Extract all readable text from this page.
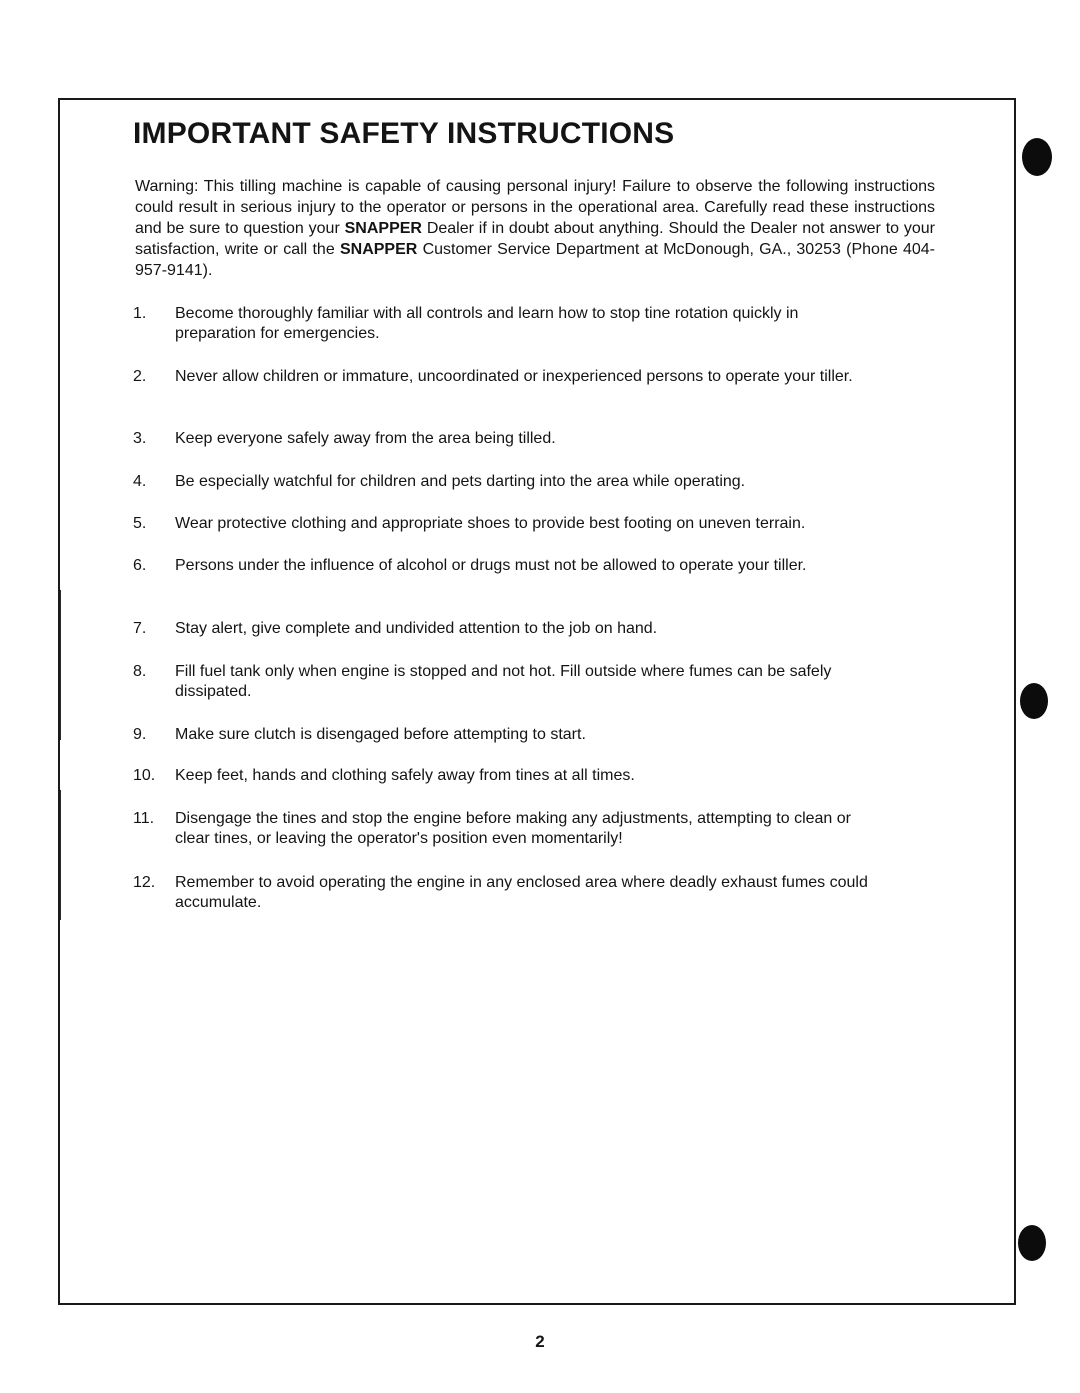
IMPORTANT SAFETY INSTRUCTIONS

Warning: This tilling machine is capable of causing personal injury! Failure to observe the following instructions could result in serious injury to the operator or persons in the operational area. Carefully read these instructions and be sure to question your SNAPPER Dealer if in doubt about anything. Should the Dealer not answer to your satisfaction, write or call the SNAPPER Customer Service Department at McDonough, GA., 30253 (Phone 404-957-9141).

1.	Become thoroughly familiar with all controls and learn how to stop tine rotation quickly in preparation for emergencies.
2.	Never allow children or immature, uncoordinated or inexperienced persons to operate your tiller.
3.	Keep everyone safely away from the area being tilled.
4.	Be especially watchful for children and pets darting into the area while operating.
5.	Wear protective clothing and appropriate shoes to provide best footing on uneven terrain.
6.	Persons under the influence of alcohol or drugs must not be allowed to operate your tiller.
7.	Stay alert, give complete and undivided attention to the job on hand.
8.	Fill fuel tank only when engine is stopped and not hot. Fill outside where fumes can be safely dissipated.
9.	Make sure clutch is disengaged before attempting to start.
10.	Keep feet, hands and clothing safely away from tines at all times.
11.	Disengage the tines and stop the engine before making any adjustments, attempting to clean or clear tines, or leaving the operator's position even momentarily!
12.	Remember to avoid operating the engine in any enclosed area where deadly exhaust fumes could accumulate.
2
